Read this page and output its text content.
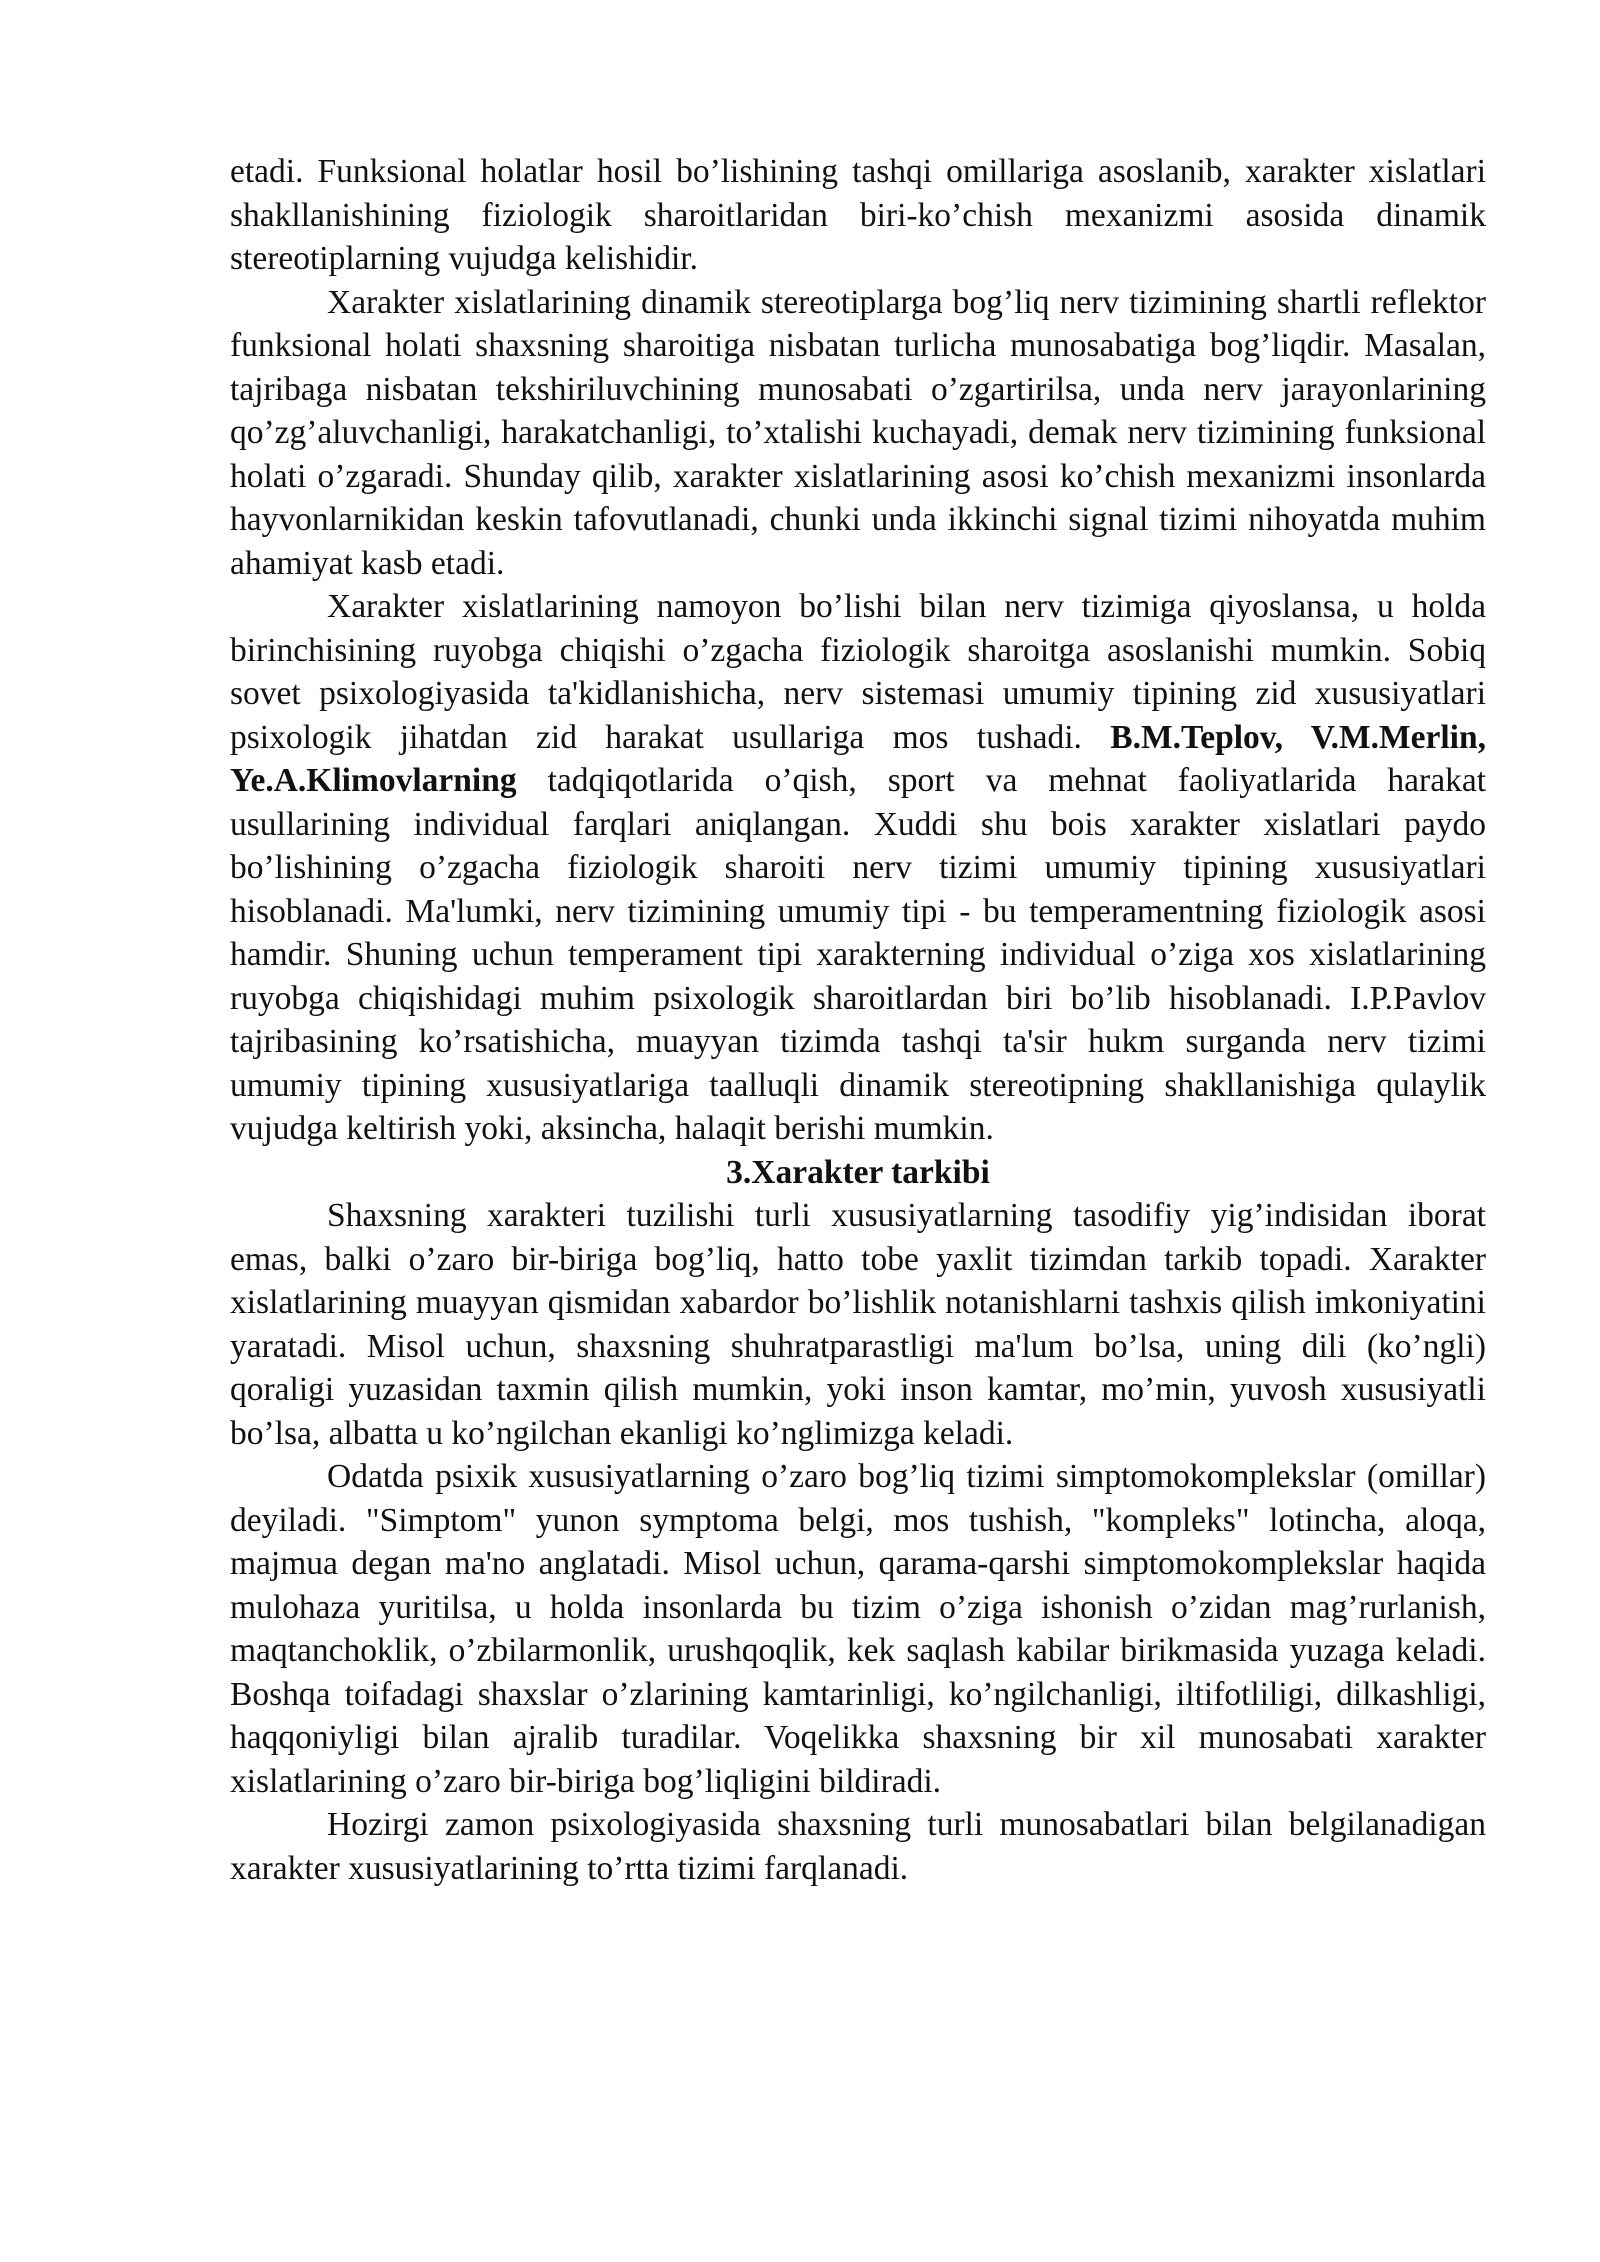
etadi. Funksional holatlar hosil bo’lishining tashqi omillariga asoslanib, xarakter xislatlari shakllanishining fiziologik sharoitlaridan biri-ko’chish mexanizmi asosida dinamik stereotiplarning vujudga kelishidir.

Xarakter xislatlarining dinamik stereotiplarga bog’liq nerv tizimining shartli reflektor funksional holati shaxsning sharoitiga nisbatan turlicha munosabatiga bog’liqdir. Masalan, tajribaga nisbatan tekshiriluvchining munosabati o’zgartirilsa, unda nerv jarayonlarining qo’zg’aluvchanligi, harakatchanligi, to’xtalishi kuchayadi, demak nerv tizimining funksional holati o’zgaradi. Shunday qilib, xarakter xislatlarining asosi ko’chish mexanizmi insonlarda hayvonlarnikidan keskin tafovutlanadi, chunki unda ikkinchi signal tizimi nihoyatda muhim ahamiyat kasb etadi.

Xarakter xislatlarining namoyon bo’lishi bilan nerv tizimiga qiyoslansa, u holda birinchisining ruyobga chiqishi o’zgacha fiziologik sharoitga asoslanishi mumkin. Sobiq sovet psixologiyasida ta'kidlanishicha, nerv sistemasi umumiy tipining zid xususiyatlari psixologik jihatdan zid harakat usullariga mos tushadi. B.M.Teplov, V.M.Merlin, Ye.A.Klimovlarning tadqiqotlarida o’qish, sport va mehnat faoliyatlarida harakat usullarining individual farqlari aniqlangan. Xuddi shu bois xarakter xislatlari paydo bo’lishining o’zgacha fiziologik sharoiti nerv tizimi umumiy tipining xususiyatlari hisoblanadi. Ma'lumki, nerv tizimining umumiy tipi - bu temperamentning fiziologik asosi hamdir. Shuning uchun temperament tipi xarakterning individual o’ziga xos xislatlarining ruyobga chiqishidagi muhim psixologik sharoitlardan biri bo’lib hisoblanadi. I.P.Pavlov tajribasining ko’rsatishicha, muayyan tizimda tashqi ta'sir hukm surganda nerv tizimi umumiy tipining xususiyatlariga taalluqli dinamik stereotipning shakllanishiga qulaylik vujudga keltirish yoki, aksincha, halaqit berishi mumkin.

3.Xarakter tarkibi

Shaxsning xarakteri tuzilishi turli xususiyatlarning tasodifiy yig’indisidan iborat emas, balki o’zaro bir-biriga bog’liq, hatto tobe yaxlit tizimdan tarkib topadi. Xarakter xislatlarining muayyan qismidan xabardor bo’lishlik notanishlarni tashxis qilish imkoniyatini yaratadi. Misol uchun, shaxsning shuhratparastligi ma'lum bo’lsa, uning dili (ko’ngli) qoraligi yuzasidan taxmin qilish mumkin, yoki inson kamtar, mo’min, yuvosh xususiyatli bo’lsa, albatta u ko’ngilchan ekanligi ko’nglimizga keladi.

Odatda psixik xususiyatlarning o’zaro bog’liq tizimi simptomokomplekslar (omillar) deyiladi. "Simptom" yunon symptoma belgi, mos tushish, "kompleks" lotincha, aloqa, majmua degan ma'no anglatadi. Misol uchun, qarama-qarshi simptomokomplekslar haqida mulohaza yuritilsa, u holda insonlarda bu tizim o’ziga ishonish o’zidan mag’rurlanish, maqtanchoklik, o’zbilarmonlik, urushqoqlik, kek saqlash kabilar birikmasida yuzaga keladi. Boshqa toifadagi shaxslar o’zlarining kamtarinligi, ko’ngilchanligi, iltifotliligi, dilkashligi, haqqoniyligi bilan ajralib turadilar. Voqelikka shaxsning bir xil munosabati xarakter xislatlarining o’zaro bir-biriga bog’liqligini bildiradi.

Hozirgi zamon psixologiyasida shaxsning turli munosabatlari bilan belgilanadigan xarakter xususiyatlarining to’rtta tizimi farqlanadi.
